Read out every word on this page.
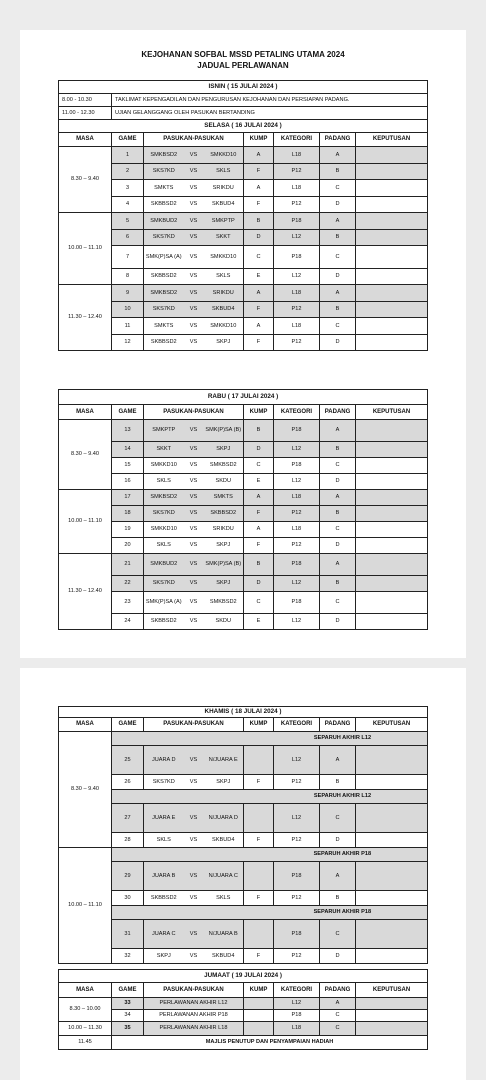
KEJOHANAN SOFBAL MSSD PETALING UTAMA 2024
JADUAL PERLAWANAN
ISNIN ( 15 JULAI 2024 )								
8.00 - 10.30	TAKLIMAT KEPENGADILAN DAN PENGURUSAN KEJOHANAN DAN PERSIAPAN PADANG.							
11.00 - 12.30	UJIAN GELANGGANG OLEH PASUKAN BERTANDING							
SELASA ( 16 JULAI 2024 )								
MASA	GAME	PASUKAN-PASUKAN			KUMP	KATEGORI	PADANG	KEPUTUSAN
8.30 – 9.40	1	SMKBSD2	VS	SMKKD10	A	L18	A	
	2	SKS7KD	VS	SKLS	F	P12	B	
	3	SMKTS	VS	SRIKDU	A	L18	C	
	4	SKBBSD2	VS	SKBUD4	F	P12	D	
10.00 – 11.10	5	SMKBUD2	VS	SMKPTP	B	P18	A	
	6	SKS7KD	VS	SKKT	D	L12	B	
	7	SMK(P)SA (A)	VS	SMKKD10	C	P18	C	
	8	SKBBSD2	VS	SKLS	E	L12	D	
11.30 – 12.40	9	SMKBSD2	VS	SRIKDU	A	L18	A	
	10	SKS7KD	VS	SKBUD4	F	P12	B	
	11	SMKTS	VS	SMKKD10	A	L18	C	
	12	SKBBSD2	VS	SKPJ	F	P12	D	
RABU ( 17 JULAI 2024 )								
MASA	GAME	PASUKAN-PASUKAN			KUMP	KATEGORI	PADANG	KEPUTUSAN
8.30 – 9.40	13	SMKPTP	VS	SMK(P)SA (B)	B	P18	A	
	14	SKKT	VS	SKPJ	D	L12	B	
	15	SMKKD10	VS	SMKBSD2	C	P18	C	
	16	SKLS	VS	SKDU	E	L12	D	
10.00 – 11.10	17	SMKBSD2	VS	SMKTS	A	L18	A	
	18	SKS7KD	VS	SKBBSD2	F	P12	B	
	19	SMKKD10	VS	SRIKDU	A	L18	C	
	20	SKLS	VS	SKPJ	F	P12	D	
11.30 – 12.40	21	SMKBUD2	VS	SMK(P)SA (B)	B	P18	A	
	22	SKS7KD	VS	SKPJ	D	L12	B	
	23	SMK(P)SA (A)	VS	SMKBSD2	C	P18	C	
	24	SKBBSD2	VS	SKDU	E	L12	D	
KHAMIS ( 18 JULAI 2024 )								
MASA	GAME	PASUKAN-PASUKAN			KUMP	KATEGORI	PADANG	KEPUTUSAN
8.30 – 9.40	SEPARUH AKHIR L12							
	25	JUARA D	VS	N/JUARA E		L12	A	
	26	SKS7KD	VS	SKPJ	F	P12	B	
	SEPARUH AKHIR L12							
	27	JUARA E	VS	N/JUARA D		L12	C	
	28	SKLS	VS	SKBUD4	F	P12	D	
10.00 – 11.10	SEPARUH AKHIR P18							
	29	JUARA B	VS	N/JUARA C		P18	A	
	30	SKBBSD2	VS	SKLS	F	P12	B	
	SEPARUH AKHIR P18							
	31	JUARA C	VS	N/JUARA B		P18	C	
	32	SKPJ	VS	SKBUD4	F	P12	D	
JUMAAT ( 19 JULAI 2024 )						
MASA	GAME	PASUKAN-PASUKAN	KUMP	KATEGORI	PADANG	KEPUTUSAN
8.30 – 10.00	33	PERLAWANAN AKHIR L12		L12	A	
	34	PERLAWANAN AKHIR P18		P18	C	
10.00 – 11.30	35	PERLAWANAN AKHIR L18		L18	C	
11.45	MAJLIS PENUTUP DAN PENYAMPAIAN HADIAH					
